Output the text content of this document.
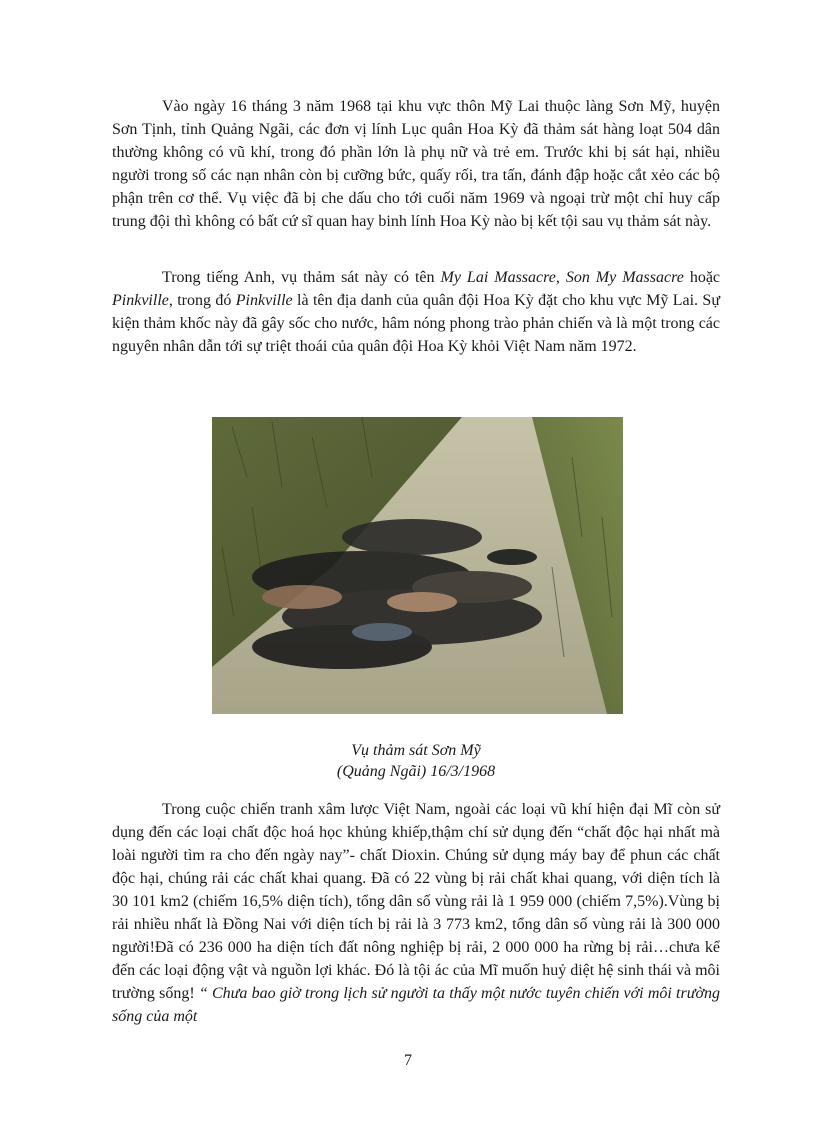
Vào ngày 16 tháng 3 năm 1968 tại khu vực thôn Mỹ Lai thuộc làng Sơn Mỹ, huyện Sơn Tịnh, tỉnh Quảng Ngãi, các đơn vị lính Lục quân Hoa Kỳ đã thảm sát hàng loạt 504 dân thường không có vũ khí, trong đó phần lớn là phụ nữ và trẻ em. Trước khi bị sát hại, nhiều người trong số các nạn nhân còn bị cưỡng bức, quấy rối, tra tấn, đánh đập hoặc cắt xẻo các bộ phận trên cơ thể. Vụ việc đã bị che dấu cho tới cuối năm 1969 và ngoại trừ một chỉ huy cấp trung đội thì không có bất cứ sĩ quan hay binh lính Hoa Kỳ nào bị kết tội sau vụ thảm sát này.

Trong tiếng Anh, vụ thảm sát này có tên My Lai Massacre, Son My Massacre hoặc Pinkville, trong đó Pinkville là tên địa danh của quân đội Hoa Kỳ đặt cho khu vực Mỹ Lai. Sự kiện thảm khốc này đã gây sốc cho nước, hâm nóng phong trào phản chiến và là một trong các nguyên nhân dẫn tới sự triệt thoái của quân đội Hoa Kỳ khỏi Việt Nam năm 1972.

Vụ thảm sát Sơn Mỹ

(Quảng Ngãi) 16/3/1968

Trong cuộc chiến tranh xâm lược Việt Nam, ngoài các loại vũ khí hiện đại Mĩ còn sử dụng đến các loại chất độc hoá học khủng khiếp,thậm chí sử dụng đến “chất độc hại nhất mà loài người tìm ra cho đến ngày nay”- chất Dioxin. Chúng sử dụng máy bay để phun các chất độc hại, chúng rải các chất khai quang. Đã có 22 vùng bị rải chất khai quang, với diện tích là 30 101 km2 (chiếm 16,5% diện tích), tổng dân số vùng rải là 1 959 000 (chiếm 7,5%).Vùng bị rải nhiều nhất là Đồng Nai với diện tích bị rải là 3 773 km2, tổng dân số vùng rải là 300 000 người!Đã có 236 000 ha diện tích đất nông nghiệp bị rải, 2 000 000 ha rừng bị rải…chưa kể đến các loại động vật và nguồn lợi khác. Đó là tội ác của Mĩ muốn huỷ diệt hệ sinh thái và môi trường sống! “ Chưa bao giờ trong lịch sử người ta thấy một nước tuyên chiến với môi trường sống của một

7
